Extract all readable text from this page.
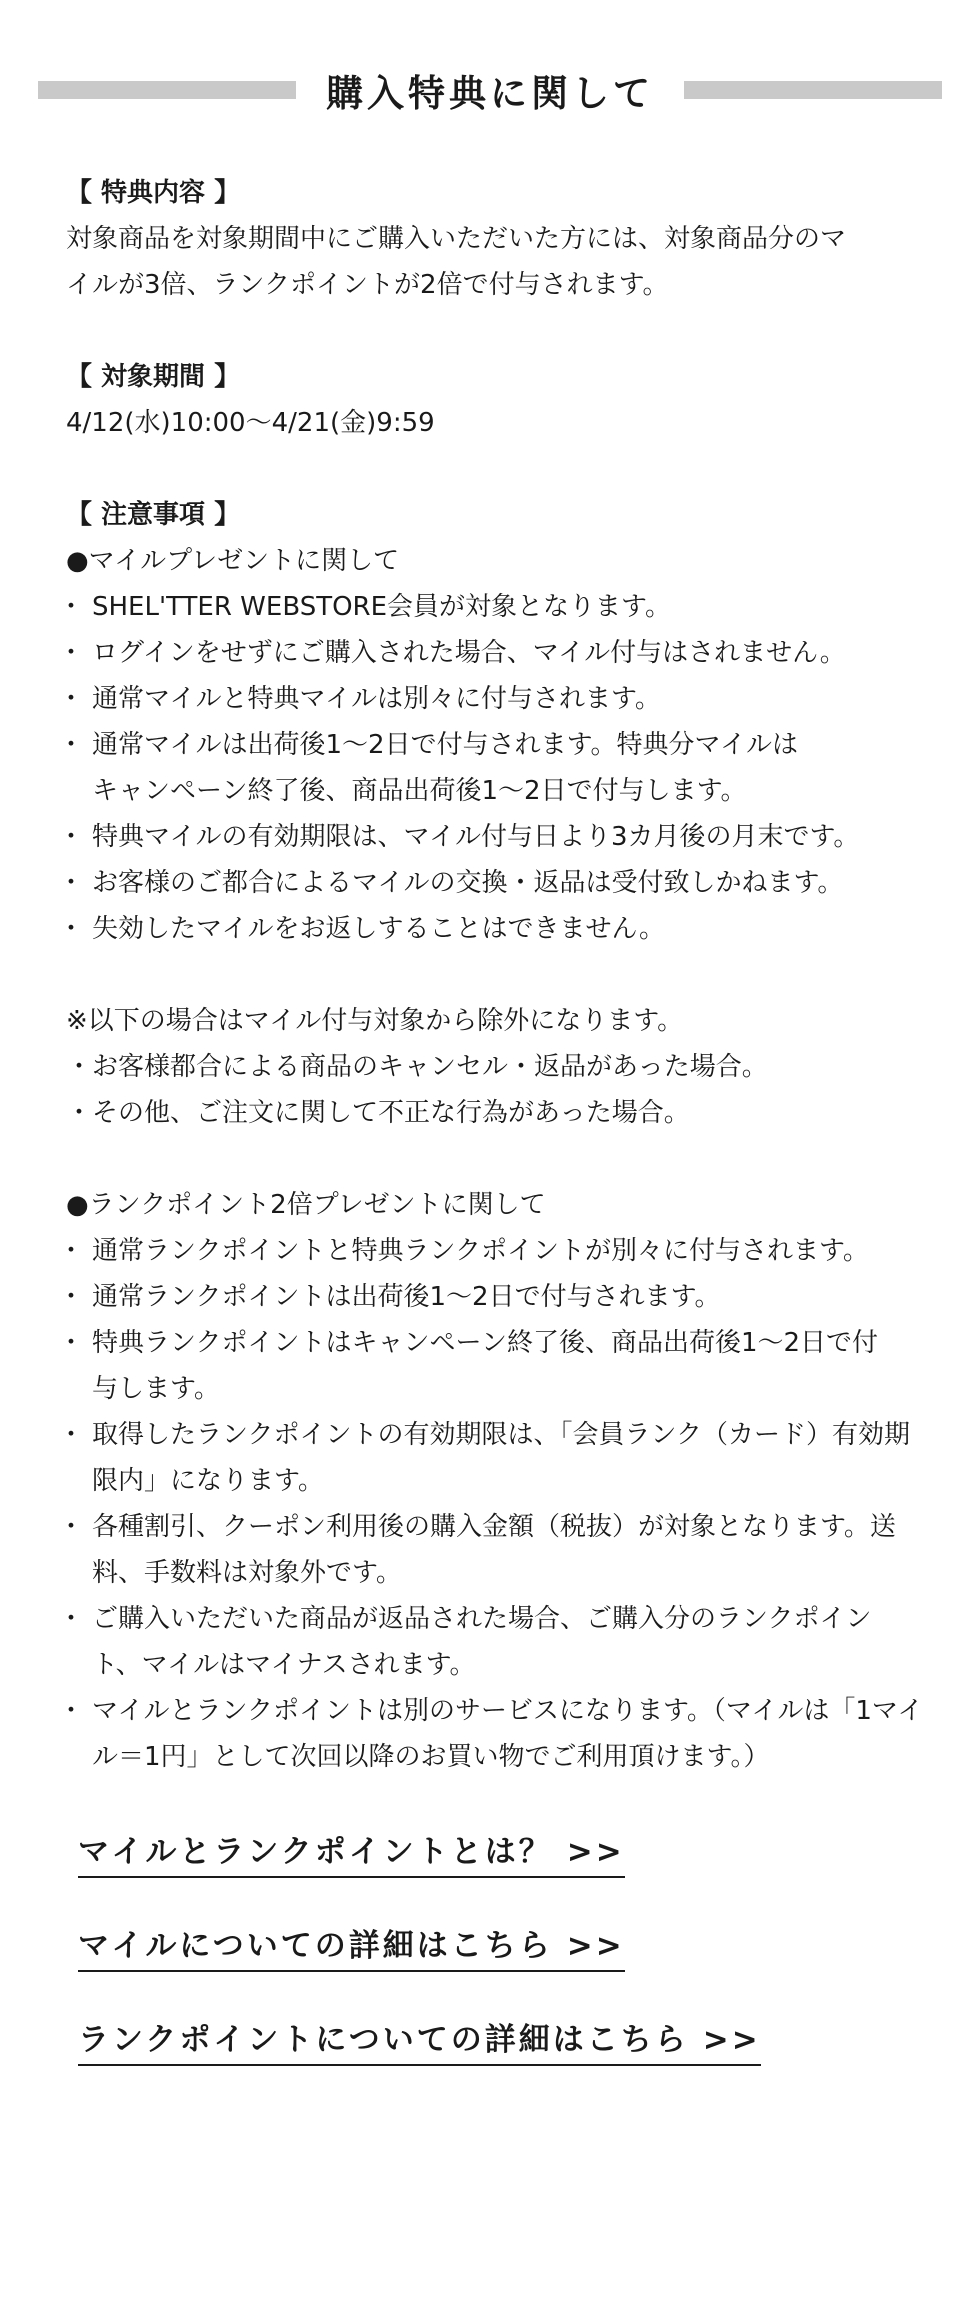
購入特典に関して
【 特典内容 】
対象商品を対象期間中にご購入いただいた方には、対象商品分のマ
イルが3倍、ランクポイントが2倍で付与されます。
【 対象期間 】
4/12(水)10:00〜4/21(金)9:59
【 注意事項 】
●マイルプレゼントに関して
・ SHEL'TTER WEBSTORE会員が対象となります。
・ ログインをせずにご購入された場合、マイル付与はされません。
・ 通常マイルと特典マイルは別々に付与されます。
・ 通常マイルは出荷後1〜2日で付与されます。特典分マイルは
キャンペーン終了後、商品出荷後1〜2日で付与します。
・ 特典マイルの有効期限は、マイル付与日より3カ月後の月末です。
・ お客様のご都合によるマイルの交換・返品は受付致しかねます。
・ 失効したマイルをお返しすることはできません。
※以下の場合はマイル付与対象から除外になります。
・お客様都合による商品のキャンセル・返品があった場合。
・その他、ご注文に関して不正な行為があった場合。
●ランクポイント2倍プレゼントに関して
・ 通常ランクポイントと特典ランクポイントが別々に付与されます。
・ 通常ランクポイントは出荷後1〜2日で付与されます。
・ 特典ランクポイントはキャンペーン終了後、商品出荷後1〜2日で付
与します。
・ 取得したランクポイントの有効期限は、「会員ランク（カード）有効期
限内」になります。
・ 各種割引、クーポン利用後の購入金額（税抜）が対象となります。送
料、手数料は対象外です。
・ ご購入いただいた商品が返品された場合、ご購入分のランクポイン
ト、マイルはマイナスされます。
・ マイルとランクポイントは別のサービスになります。（マイルは「1マイ
ル＝1円」として次回以降のお買い物でご利用頂けます。）
マイルとランクポイントとは？ >>
マイルについての詳細はこちら >>
ランクポイントについての詳細はこちら >>
